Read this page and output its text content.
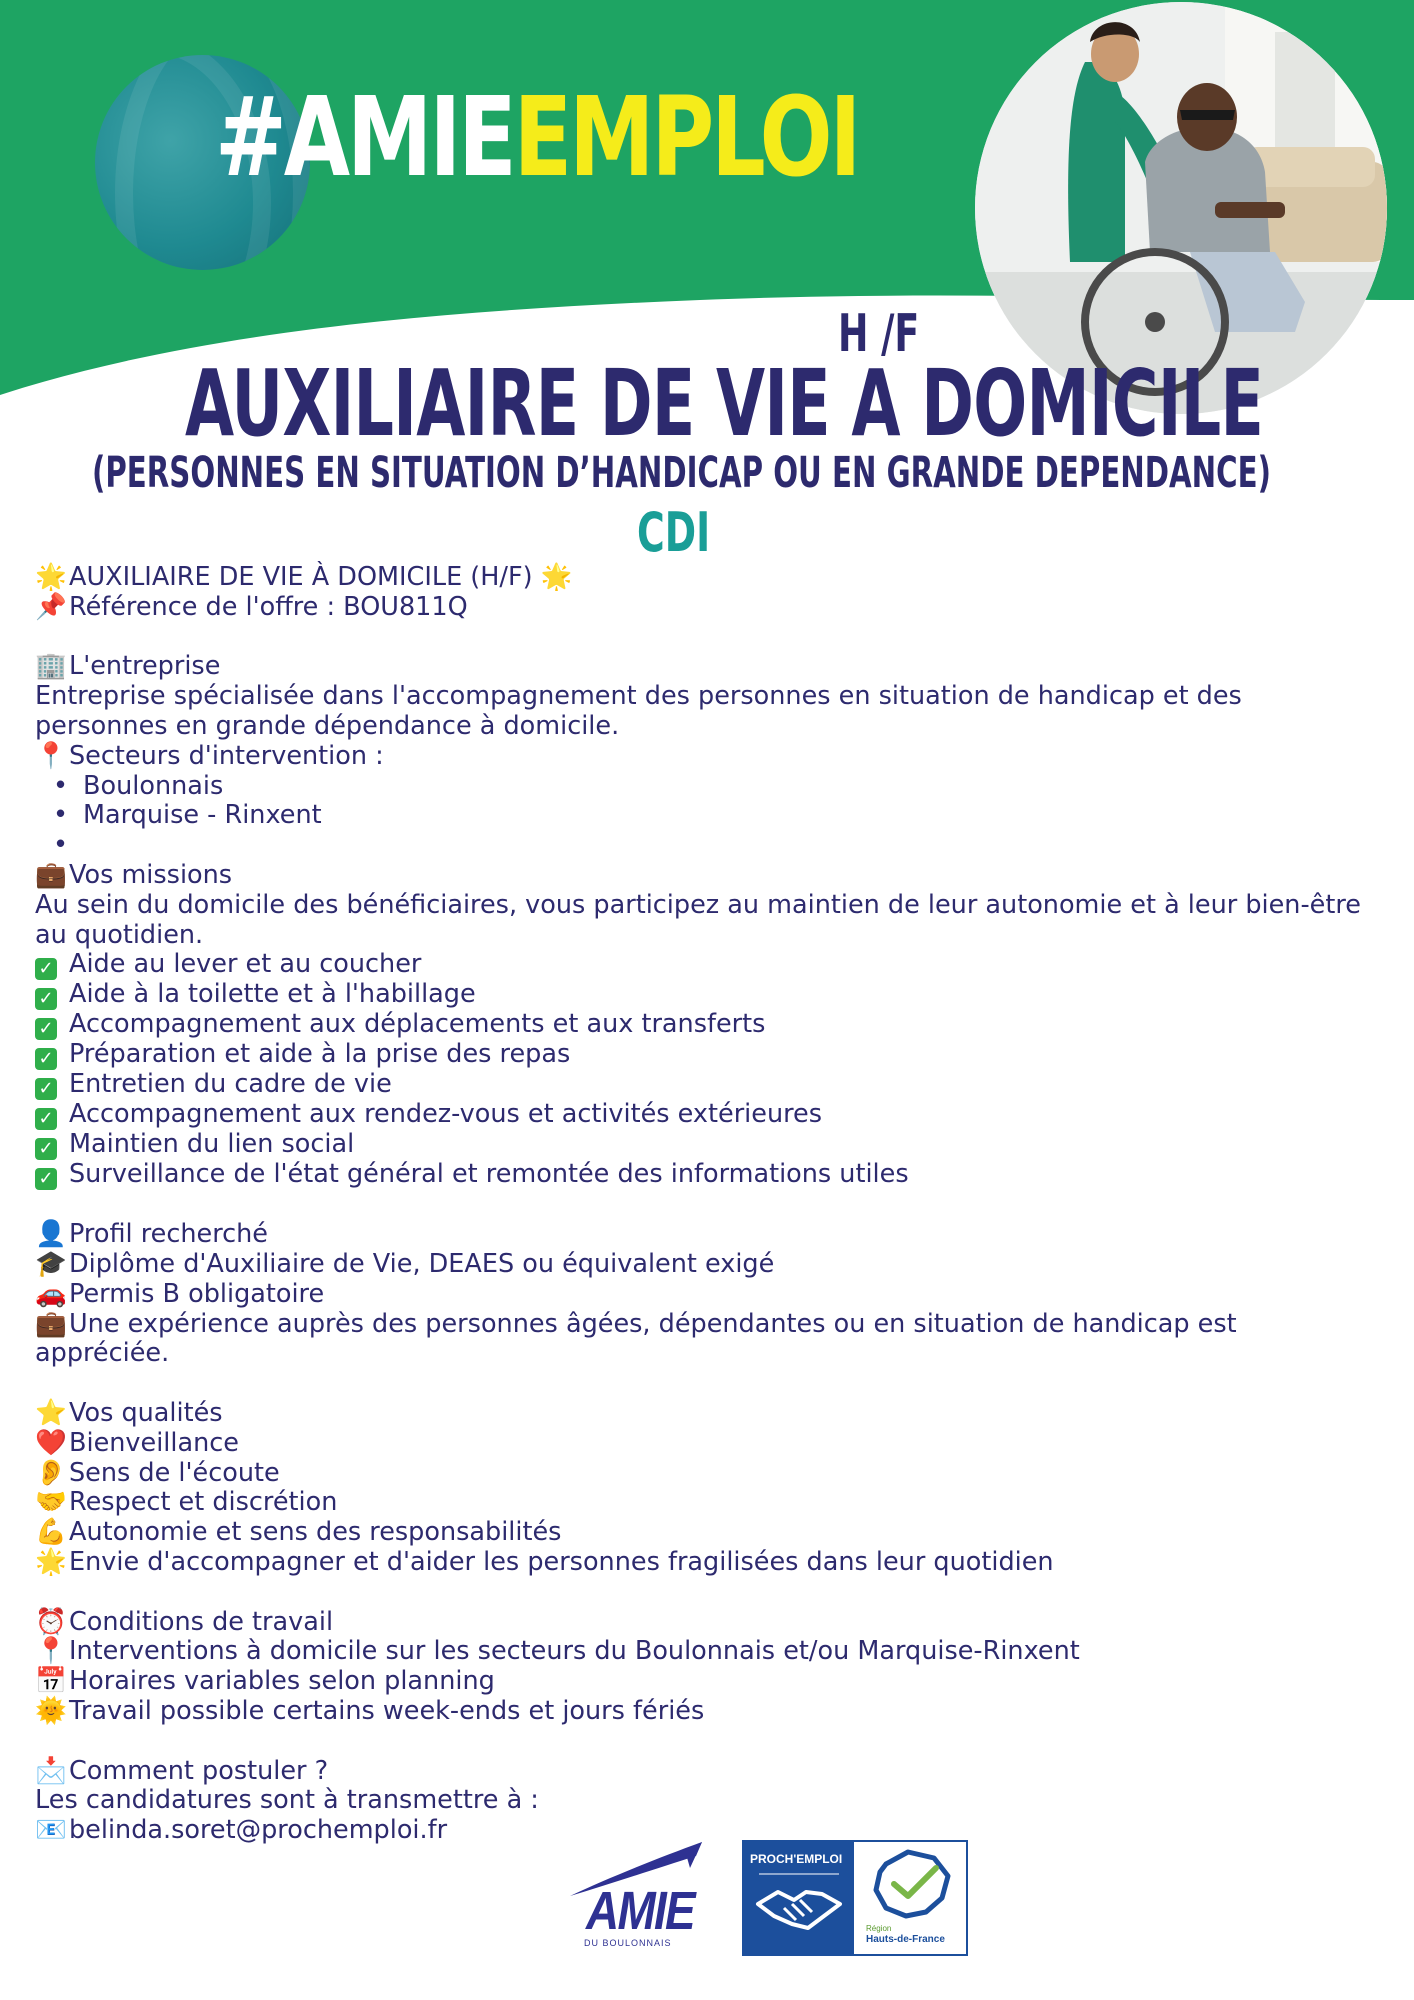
#AMIEEMPLOI
H /F
AUXILIAIRE DE VIE A DOMICILE
(PERSONNES EN SITUATION D’HANDICAP OU EN GRANDE DEPENDANCE)
CDI
🌟AUXILIAIRE DE VIE À DOMICILE (H/F) 🌟
📌Référence de l'offre : BOU811Q
🏢L'entreprise
Entreprise spécialisée dans l'accompagnement des personnes en situation de handicap et des personnes en grande dépendance à domicile.
📍Secteurs d'intervention :
• Boulonnais
• Marquise - Rinxent
•
💼Vos missions
Au sein du domicile des bénéficiaires, vous participez au maintien de leur autonomie et à leur bien-être au quotidien.
✓ Aide au lever et au coucher
✓ Aide à la toilette et à l'habillage
✓ Accompagnement aux déplacements et aux transferts
✓ Préparation et aide à la prise des repas
✓ Entretien du cadre de vie
✓ Accompagnement aux rendez-vous et activités extérieures
✓ Maintien du lien social
✓ Surveillance de l'état général et remontée des informations utiles
👤Profil recherché
🎓Diplôme d'Auxiliaire de Vie, DEAES ou équivalent exigé
🚗Permis B obligatoire
💼Une expérience auprès des personnes âgées, dépendantes ou en situation de handicap est appréciée.
⭐Vos qualités
❤️Bienveillance
👂Sens de l'écoute
🤝Respect et discrétion
💪Autonomie et sens des responsabilités
🌟Envie d'accompagner et d'aider les personnes fragilisées dans leur quotidien
⏰Conditions de travail
📍Interventions à domicile sur les secteurs du Boulonnais et/ou Marquise-Rinxent
📅Horaires variables selon planning
🌞Travail possible certains week-ends et jours fériés
📩Comment postuler ?
Les candidatures sont à transmettre à :
📧belinda.soret@prochemploi.fr
AMIE
DU BOULONNAIS
PROCH'EMPLOI
Région
Hauts-de-France
